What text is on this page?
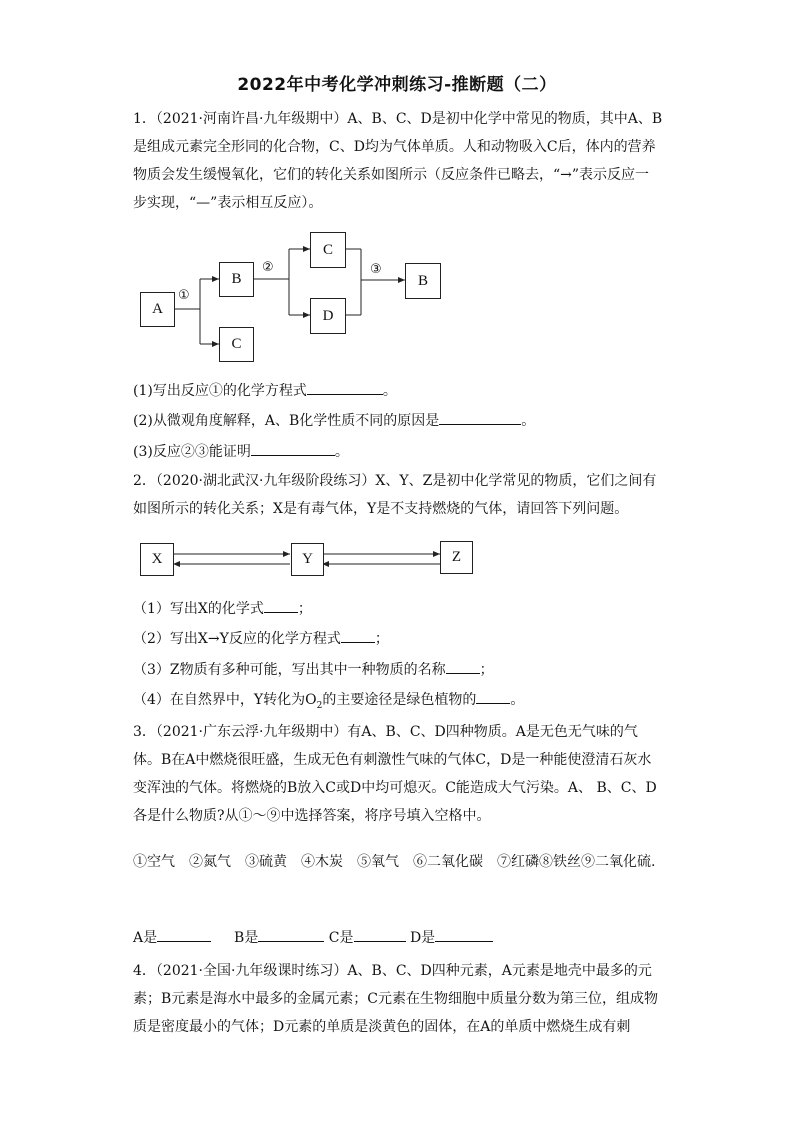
2022年中考化学冲刺练习-推断题（二）
1．（2021·河南许昌·九年级期中）A、B、C、D是初中化学中常见的物质，其中A、B是组成元素完全形同的化合物，C、D均为气体单质。人和动物吸入C后，体内的营养物质会发生缓慢氧化，它们的转化关系如图所示（反应条件已略去，“→”表示反应一步实现，“—”表示相互反应）。
A
B
C
C
D
B
①
②	③
(1)写出反应①的化学方程式	。
(2)从微观角度解释，A、B化学性质不同的原因是	。
(3)反应②③能证明	。
2．（2020·湖北武汉·九年级阶段练习）X、Y、Z是初中化学常见的物质，它们之间有如图所示的转化关系；X是有毒气体，Y是不支持燃烧的气体，请回答下列问题。
X	Y	Z
（1）写出X的化学式 ；
（2）写出X→Y反应的化学方程式 ；
（3）Z物质有多种可能，写出其中一种物质的名称 ；
（4）在自然界中，Y转化为$O_2$的主要途径是绿色植物的 。
3．（2021·广东云浮·九年级期中）有A、B、C、D四种物质。A是无色无气味的气体。B在A中燃烧很旺盛，生成无色有刺激性气味的气体C，D是一种能使澄清石灰水变浑浊的气体。将燃烧的B放入C或D中均可熄灭。C能造成大气污染。A、 B、C、D各是什么物质?从①～⑨中选择答案，将序号填入空格中。
①空气　②氮气　③硫黄　④木炭　⑤氧气　⑥二氧化碳　⑦红磷⑧铁丝⑨二氧化硫.
A是	B是	C是	D是
4．（2021·全国·九年级课时练习）A、B、C、D四种元素，A元素是地壳中最多的元素；B元素是海水中最多的金属元素；C元素在生物细胞中质量分数为第三位，组成物质是密度最小的气体；D元素的单质是淡黄色的固体，在A的单质中燃烧生成有刺
